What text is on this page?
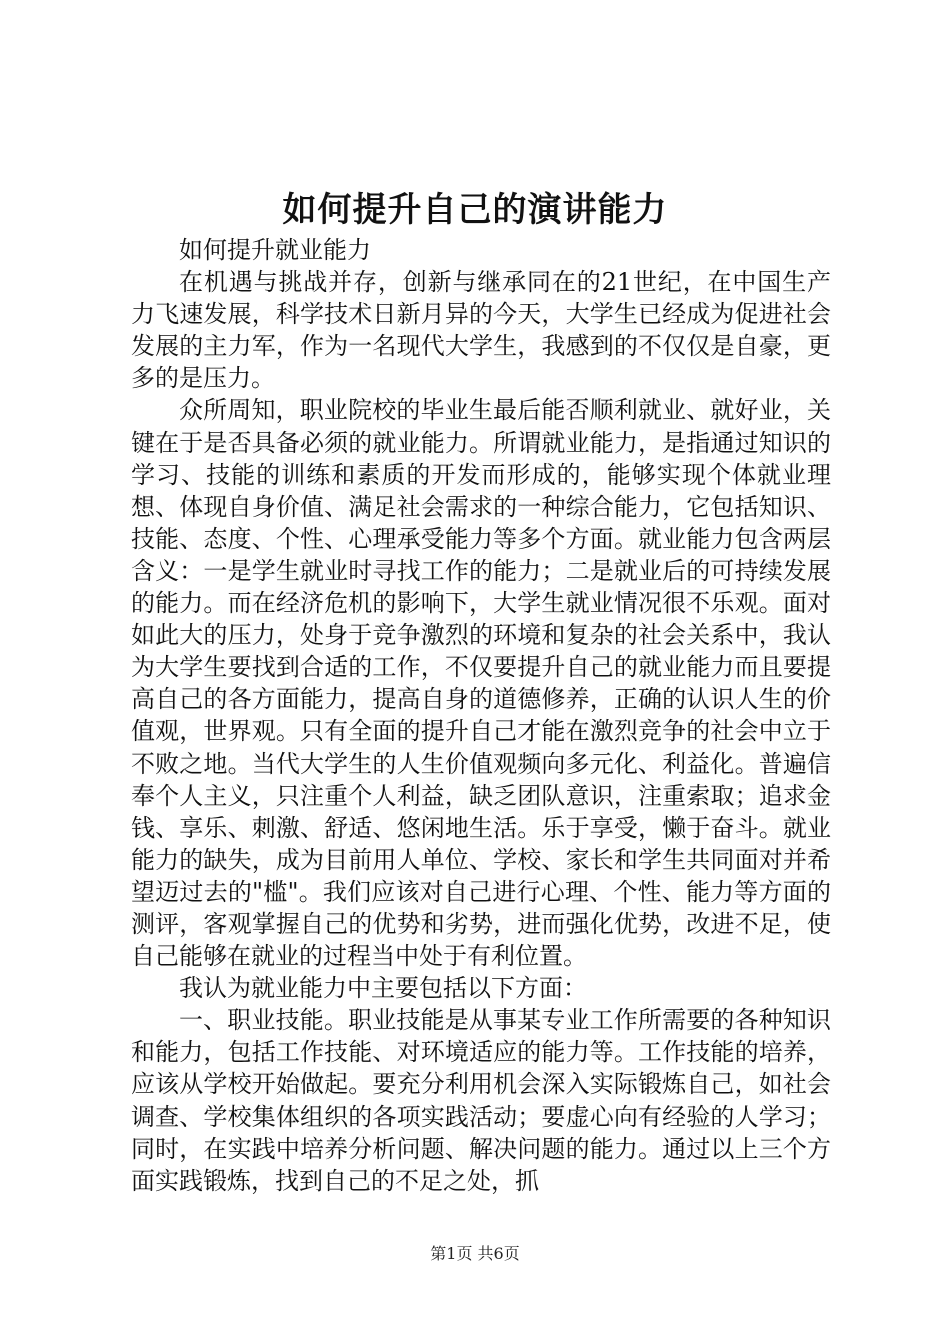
如何提升自己的演讲能力

如何提升就业能力

在机遇与挑战并存，创新与继承同在的21世纪，在中国生产力飞速发展，科学技术日新月异的今天，大学生已经成为促进社会发展的主力军，作为一名现代大学生，我感到的不仅仅是自豪，更多的是压力。

众所周知，职业院校的毕业生最后能否顺利就业、就好业，关键在于是否具备必须的就业能力。所谓就业能力，是指通过知识的学习、技能的训练和素质的开发而形成的，能够实现个体就业理想、体现自身价值、满足社会需求的一种综合能力，它包括知识、技能、态度、个性、心理承受能力等多个方面。就业能力包含两层含义：一是学生就业时寻找工作的能力；二是就业后的可持续发展的能力。而在经济危机的影响下，大学生就业情况很不乐观。面对如此大的压力，处身于竞争激烈的环境和复杂的社会关系中，我认为大学生要找到合适的工作，不仅要提升自己的就业能力而且要提高自己的各方面能力，提高自身的道德修养，正确的认识人生的价值观，世界观。只有全面的提升自己才能在激烈竞争的社会中立于不败之地。当代大学生的人生价值观频向多元化、利益化。普遍信奉个人主义，只注重个人利益，缺乏团队意识，注重索取；追求金钱、享乐、刺激、舒适、悠闲地生活。乐于享受，懒于奋斗。就业能力的缺失，成为目前用人单位、学校、家长和学生共同面对并希望迈过去的"槛"。我们应该对自己进行心理、个性、能力等方面的测评，客观掌握自己的优势和劣势，进而强化优势，改进不足，使自己能够在就业的过程当中处于有利位置。

我认为就业能力中主要包括以下方面：

一、职业技能。职业技能是从事某专业工作所需要的各种知识和能力，包括工作技能、对环境适应的能力等。工作技能的培养，应该从学校开始做起。要充分利用机会深入实际锻炼自己，如社会调查、学校集体组织的各项实践活动；要虚心向有经验的人学习；同时，在实践中培养分析问题、解决问题的能力。通过以上三个方面实践锻炼，找到自己的不足之处，抓

第1页 共6页
